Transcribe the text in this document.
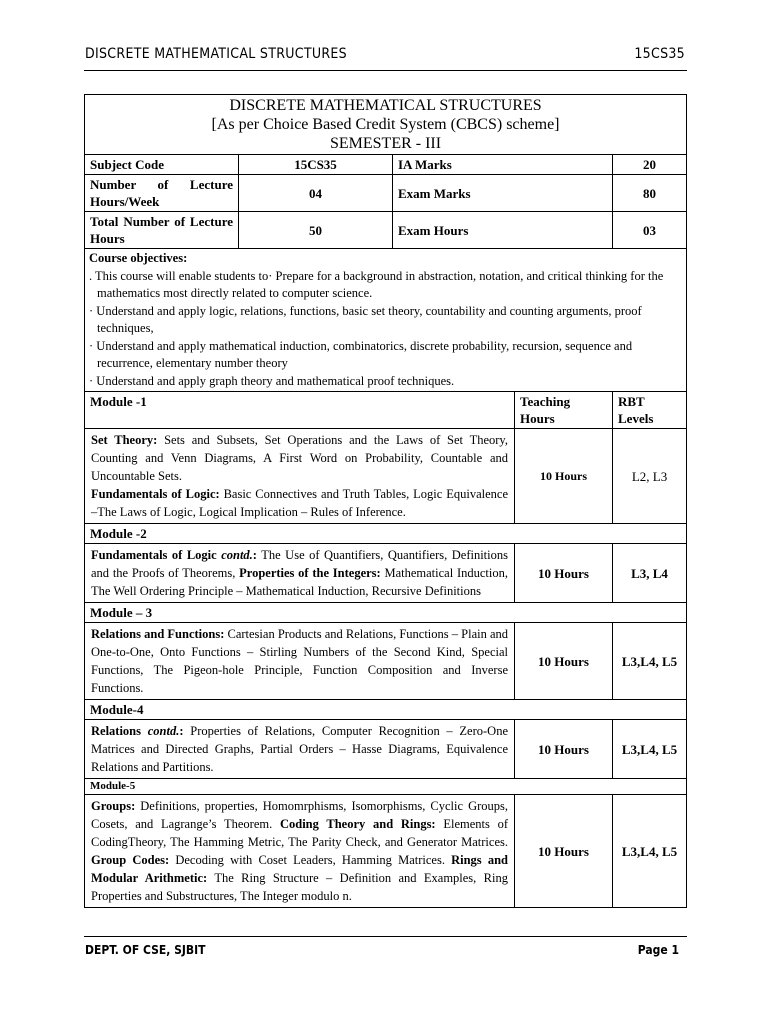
DISCRETE MATHEMATICAL STRUCTURES	15CS35
DISCRETE MATHEMATICAL STRUCTURES
[As per Choice Based Credit System (CBCS) scheme]
SEMESTER - III				

Subject Code	15CS35	IA Marks		20
Number of Lecture Hours/Week	04	Exam Marks		80
Total Number of Lecture Hours	50	Exam Hours		03

Course objectives:

. This course will enable students to· Prepare for a background in abstraction, notation, and critical thinking for the mathematics most directly related to computer science.

· Understand and apply logic, relations, functions, basic set theory, countability and counting arguments, proof techniques,

· Understand and apply mathematical induction, combinatorics, discrete probability, recursion, sequence and recurrence, elementary number theory

· Understand and apply graph theory and mathematical proof techniques.				

Module -1			Teaching Hours	RBT Levels
Set Theory: Sets and Subsets, Set Operations and the Laws of Set Theory, Counting and Venn Diagrams, A First Word on Probability, Countable and Uncountable Sets.
Fundamentals of Logic: Basic Connectives and Truth Tables, Logic Equivalence –The Laws of Logic, Logical Implication – Rules of Inference.			10 Hours	L2, L3
Module -2				
Fundamentals of Logic contd.: The Use of Quantifiers, Quantifiers, Definitions and the Proofs of Theorems, Properties of the Integers: Mathematical Induction, The Well Ordering Principle – Mathematical Induction, Recursive Definitions			10 Hours	L3, L4
Module – 3				
Relations and Functions: Cartesian Products and Relations, Functions – Plain and One-to-One, Onto Functions – Stirling Numbers of the Second Kind, Special Functions, The Pigeon-hole Principle, Function Composition and Inverse Functions.			10 Hours	L3,L4, L5
Module-4				
Relations contd.: Properties of Relations, Computer Recognition – Zero-One Matrices and Directed Graphs, Partial Orders – Hasse Diagrams, Equivalence Relations and Partitions.			10 Hours	L3,L4, L5
Module-5				
Groups: Definitions, properties, Homomrphisms, Isomorphisms, Cyclic Groups, Cosets, and Lagrange’s Theorem. Coding Theory and Rings: Elements of CodingTheory, The Hamming Metric, The Parity Check, and Generator Matrices. Group Codes: Decoding with Coset Leaders, Hamming Matrices. Rings and Modular Arithmetic: The Ring Structure – Definition and Examples, Ring Properties and Substructures, The Integer modulo n.			10 Hours	L3,L4, L5
DEPT. OF CSE, SJBIT	Page 1
